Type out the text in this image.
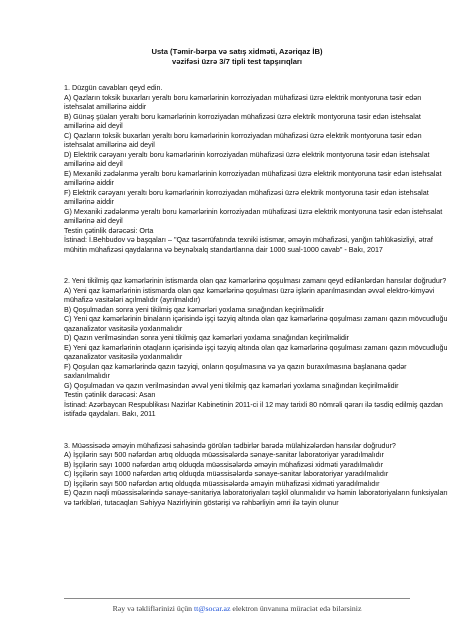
Usta (Təmir-bərpa və satış xidməti, Azəriqaz İB)
vəzifəsi üzrə 3/7 tipli test tapşırıqları

1. Düzgün cavabları qeyd edin.

A) Qazların toksik buxarları yeraltı boru kəmərlərinin korroziyadan mühafizəsi üzrə elektrik montyoruna təsir edən istehsalat amillərinə aiddir

B) Günəş şüaları yeraltı boru kəmərlərinin korroziyadan mühafizəsi üzrə elektrik montyoruna təsir edən istehsalat amillərinə aid deyil

C) Qazların toksik buxarları yeraltı boru kəmərlərinin korroziyadan mühafizəsi üzrə elektrik montyoruna təsir edən istehsalat amillərinə aid deyil

D) Elektrik cərəyanı yeraltı boru kəmərlərinin korroziyadan mühafizəsi üzrə elektrik montyoruna təsir edən istehsalat amillərinə aid deyil

E) Mexaniki zədələnmə yeraltı boru kəmərlərinin korroziyadan mühafizəsi üzrə elektrik montyoruna təsir edən istehsalat amillərinə aiddir

F) Elektrik cərəyanı yeraltı boru kəmərlərinin korroziyadan mühafizəsi üzrə elektrik montyoruna təsir edən istehsalat amillərinə aiddir

G) Mexaniki zədələnmə yeraltı boru kəmərlərinin korroziyadan mühafizəsi üzrə elektrik montyoruna təsir edən istehsalat amillərinə aid deyil

Testin çətinlik dərəcəsi: Orta

İstinad: İ.Behbudov və başqaları – "Qaz təsərrüfatında texniki istismar, əməyin mühafizəsi, yanğın təhlükəsizliyi, ətraf mühitin mühafizəsi qaydalarına və beynəlxalq standartlarına dair 1000 sual-1000 cavab" - Bakı, 2017

2. Yeni tikilmiş qaz kəmərlərinin istismarda olan qaz kəmərlərinə qoşulması zamanı qeyd edilənlərdən hansılar doğrudur?

A) Yeni qaz kəmərlərinin istismarda olan qaz kəmərlərinə qoşulması üzrə işlərin aparılmasından əvvəl elektro-kimyəvi mühafizə vasitələri açılmalıdır (ayrılmalıdır)

B) Qoşulmadan sonra yeni tikilmiş qaz kəmərləri yoxlama sınağından keçirilməlidir

C) Yeni qaz kəmərlərinin binaların içərisində işçi təzyiq altında olan qaz kəmərlərinə qoşulması zamanı qazın mövcudluğu qazanalizator vasitəsilə yoxlanmalıdır

D) Qazın verilməsindən sonra yeni tikilmiş qaz kəmərləri yoxlama sınağından keçirilməlidir

E) Yeni qaz kəmərlərinin otaqların içərisində işçi təzyiq altında olan qaz kəmərlərinə qoşulması zamanı qazın mövcudluğu qazanalizator vasitəsilə yoxlanmalıdır

F) Qoşulan qaz kəmərlərində qazın təzyiqi, onların qoşulmasına və ya qazın buraxılmasına başlanana qədər saxlanılmalıdır

G) Qoşulmadan və qazın verilməsindən əvvəl yeni tikilmiş qaz kəmərləri yoxlama sınağından keçirilməlidir

Testin çətinlik dərəcəsi: Asan

İstinad: Azərbaycan Respublikası Nazirlər Kabinetinin 2011-ci il 12 may tarixli 80 nömrəli qərarı ilə təsdiq edilmiş qazdan istifadə qaydaları. Bakı, 2011

3. Müəssisədə əməyin mühafizəsi sahəsində görülən tədbirlər barədə mülahizələrdən hansılar doğrudur?

A) İşçilərin sayı 500 nəfərdən artıq olduqda müəssisələrdə sənaye-sanitar laboratoriyar yaradılmalıdır

B) İşçilərin sayı 1000 nəfərdən artıq olduqda müəssisələrdə əməyin mühafizəsi xidməti yaradılmalıdır

C) İşçilərin sayı 1000 nəfərdən artıq olduqda müəssisələrdə sənaye-sanitar laboratoriyar yaradılmalıdır

D) İşçilərin sayı 500 nəfərdən artıq olduqda müəssisələrdə əməyin mühafizəsi xidməti yaradılmalıdır

E) Qazın nəqli müəssisələrində sənaye-sanitariya laboratoriyaları təşkil olunmalıdır və həmin laboratoriyaların funksiyaları və tərkibləri, tutacaqları Səhiyyə Nazirliyinin göstərişi və rəhbərliyin əmri ilə təyin olunur

Rəy və təkliflərinizi üçün tt@socar.az elektron ünvanına müraciət edə bilərsiniz
